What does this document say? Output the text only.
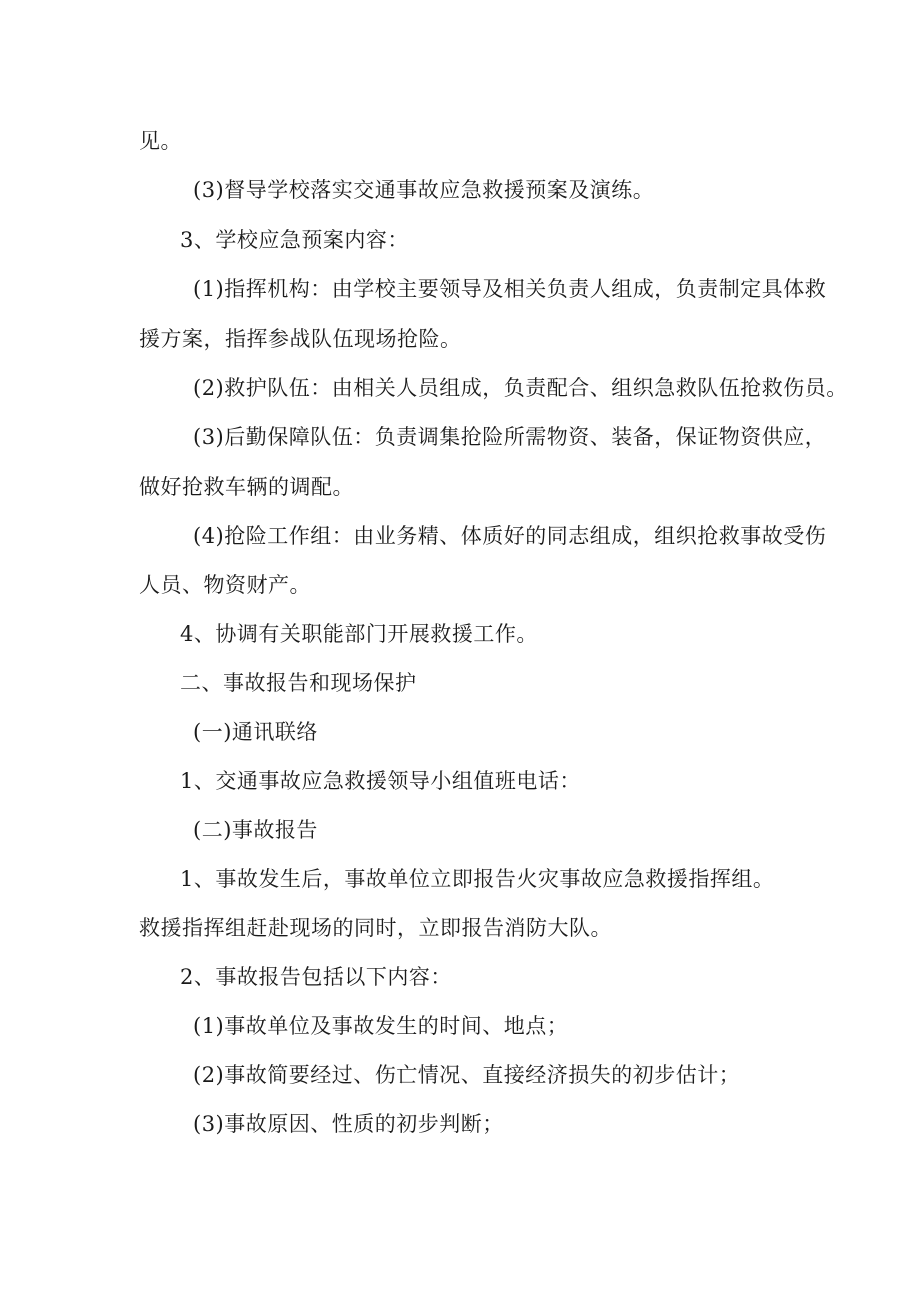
见。
(3)督导学校落实交通事故应急救援预案及演练。
3、学校应急预案内容：
(1)指挥机构：由学校主要领导及相关负责人组成，负责制定具体救
援方案，指挥参战队伍现场抢险。
(2)救护队伍：由相关人员组成，负责配合、组织急救队伍抢救伤员。
(3)后勤保障队伍：负责调集抢险所需物资、装备，保证物资供应，
做好抢救车辆的调配。
(4)抢险工作组：由业务精、体质好的同志组成，组织抢救事故受伤
人员、物资财产。
4、协调有关职能部门开展救援工作。
二、事故报告和现场保护
(一)通讯联络
1、交通事故应急救援领导小组值班电话：
(二)事故报告
1、事故发生后，事故单位立即报告火灾事故应急救援指挥组。
救援指挥组赶赴现场的同时，立即报告消防大队。
2、事故报告包括以下内容：
(1)事故单位及事故发生的时间、地点；
(2)事故简要经过、伤亡情况、直接经济损失的初步估计；
(3)事故原因、性质的初步判断；
